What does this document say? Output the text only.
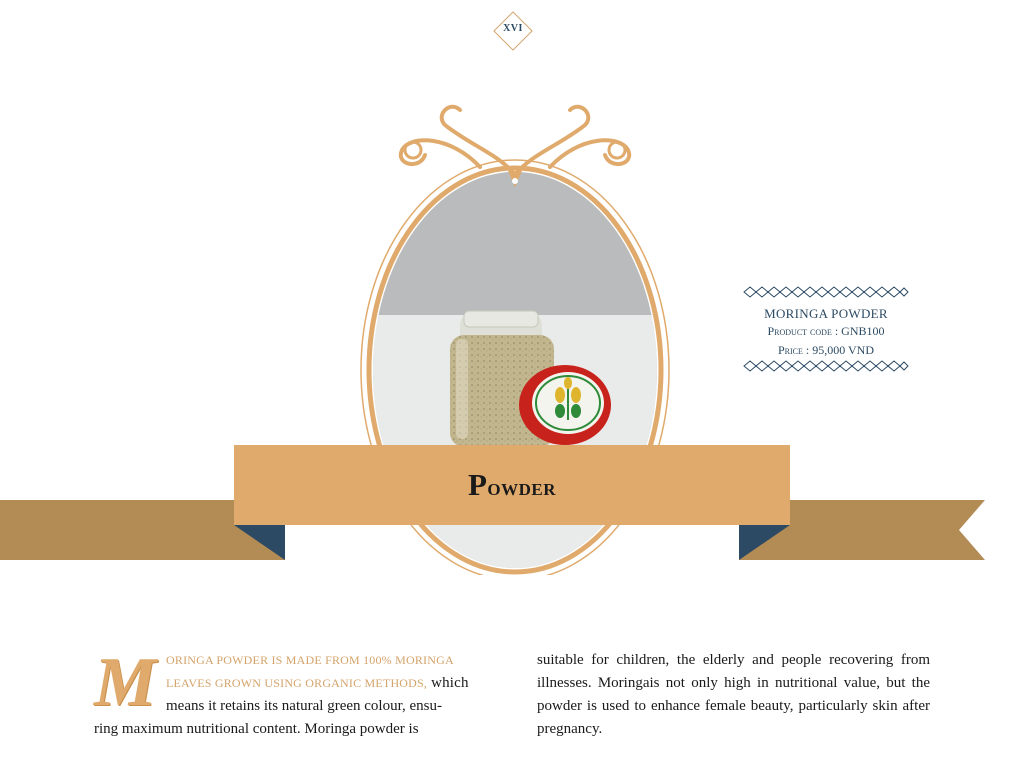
XVI
Powder
MORINGA POWDER
Product code : GNB100
Price : 95,000 VND
M ORINGA POWDER IS MADE FROM 100% MORINGA
LEAVES GROWN USING ORGANIC METHODS, which
means it retains its natural green colour, ensu-
ring maximum nutritional content. Moringa powder is
suitable for children, the elderly and people recovering from illnesses. Moringais not only high in nutritional value, but the powder is used to enhance female beauty, particularly skin after pregnancy.
